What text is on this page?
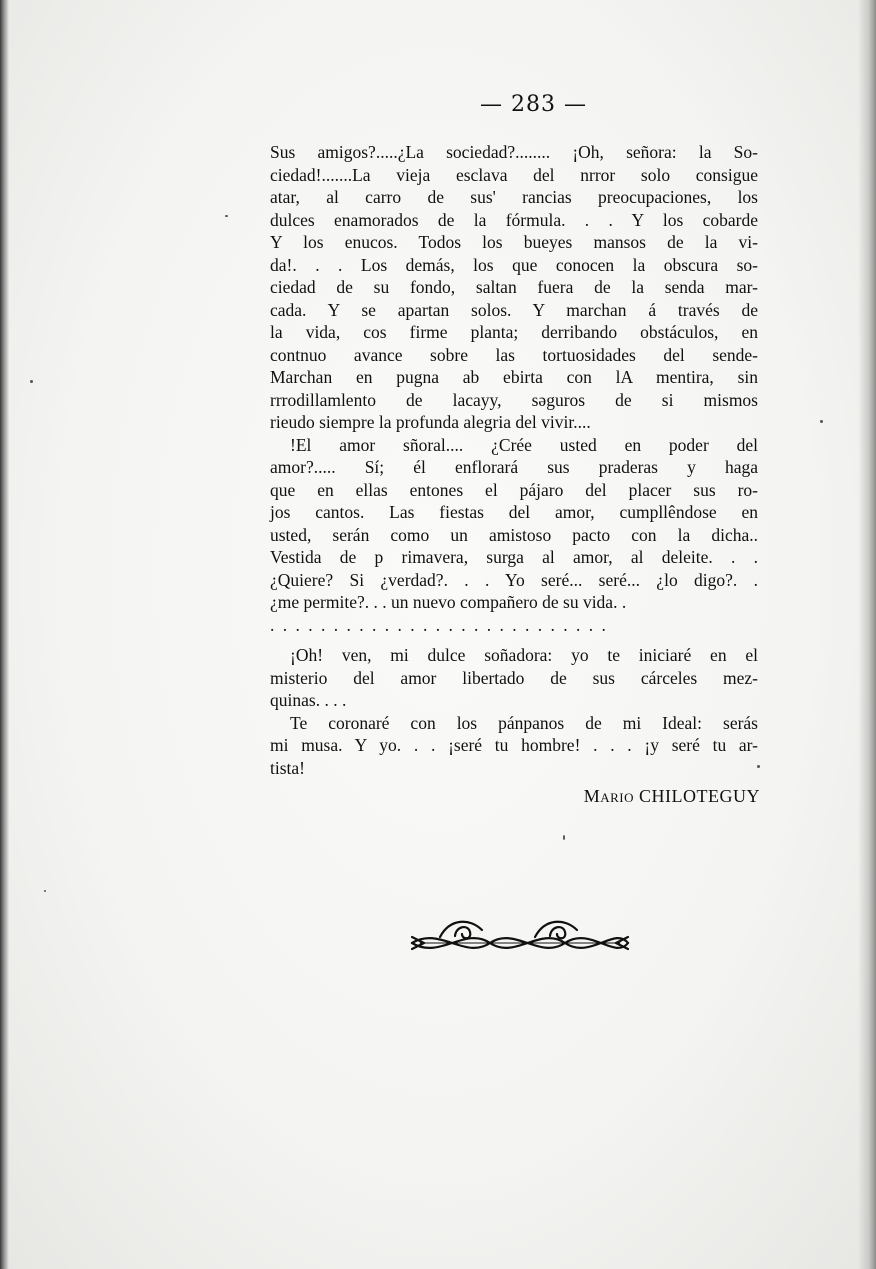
— 283 —
Sus amigos?.....¿La sociedad?........ ¡Oh, señora: la So-
ciedad!.......La vieja esclava del nrror solo consigue
atar, al carro de sus' rancias preocupaciones, los
dulces enamorados de la fórmula. . . Y los cobarde
Y los enucos. Todos los bueyes mansos de la vi-
da!. . . Los demás, los que conocen la obscura so-
ciedad de su fondo, saltan fuera de la senda mar-
cada. Y se apartan solos. Y marchan á través de
la vida, cos firme planta; derribando obstáculos, en
contnuo avance sobre las tortuosidades del sende-
Marchan en pugna ab ebirta con lA mentira, sin
rrrodillamlento de lacayy, səguros de si mismos
rieudo siempre la profunda alegria del vivir....
!El amor sñoral.... ¿Crée usted en poder del
amor?..... Sí; él enflorará sus praderas y haga
que en ellas entones el pájaro del placer sus ro-
jos cantos. Las fiestas del amor, cumpllêndose en
usted, serán como un amistoso pacto con la dicha..
Vestida de p rimavera, surga al amor, al deleite. . .
¿Quiere? Si ¿verdad?. . . Yo seré... seré... ¿lo digo?. .
¿me permite?. . . un nuevo compañero de su vida. .
. . . . . . . . . . . . . . . . . . . . . . . . . . .
¡Oh! ven, mi dulce soñadora: yo te iniciaré en el
misterio del amor libertado de sus cárceles mez-
quinas. . . .
Te coronaré con los pánpanos de mi Ideal: serás
mi musa. Y yo. . . ¡seré tu hombre! . . . ¡y seré tu ar-
tista!
Mario CHILOTEGUY
